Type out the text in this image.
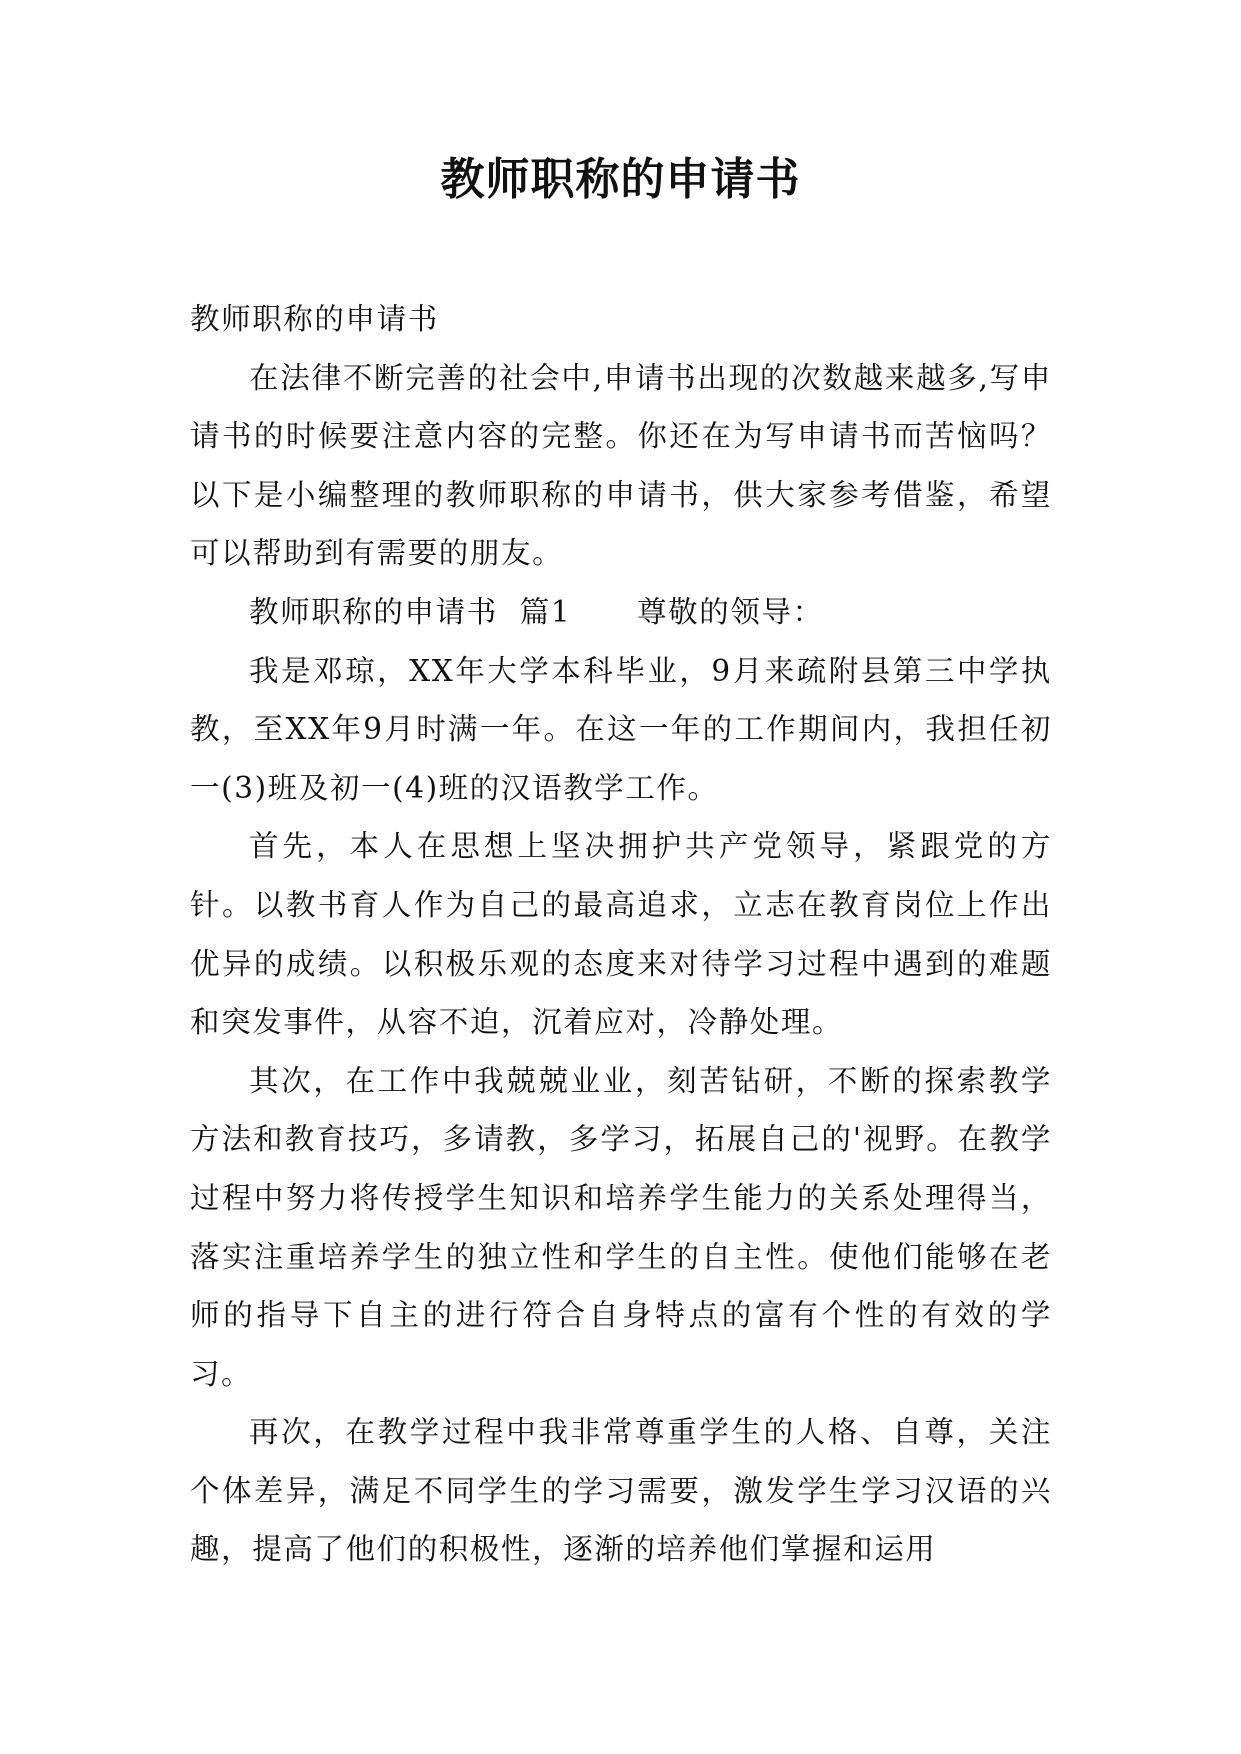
教师职称的申请书

教师职称的申请书

在法律不断完善的社会中,申请书出现的次数越来越多,写申请书的时候要注意内容的完整。你还在为写申请书而苦恼吗？以下是小编整理的教师职称的申请书，供大家参考借鉴，希望可以帮助到有需要的朋友。

教师职称的申请书  篇1      尊敬的领导：

我是邓琼，XX年大学本科毕业，9月来疏附县第三中学执教，至XX年9月时满一年。在这一年的工作期间内，我担任初一(3)班及初一(4)班的汉语教学工作。

首先，本人在思想上坚决拥护共产党领导，紧跟党的方针。以教书育人作为自己的最高追求，立志在教育岗位上作出优异的成绩。以积极乐观的态度来对待学习过程中遇到的难题和突发事件，从容不迫，沉着应对，冷静处理。

其次，在工作中我兢兢业业，刻苦钻研，不断的探索教学方法和教育技巧，多请教，多学习，拓展自己的'视野。在教学过程中努力将传授学生知识和培养学生能力的关系处理得当，落实注重培养学生的独立性和学生的自主性。使他们能够在老师的指导下自主的进行符合自身特点的富有个性的有效的学习。

再次，在教学过程中我非常尊重学生的人格、自尊，关注个体差异，满足不同学生的学习需要，激发学生学习汉语的兴趣，提高了他们的积极性，逐渐的培养他们掌握和运用
